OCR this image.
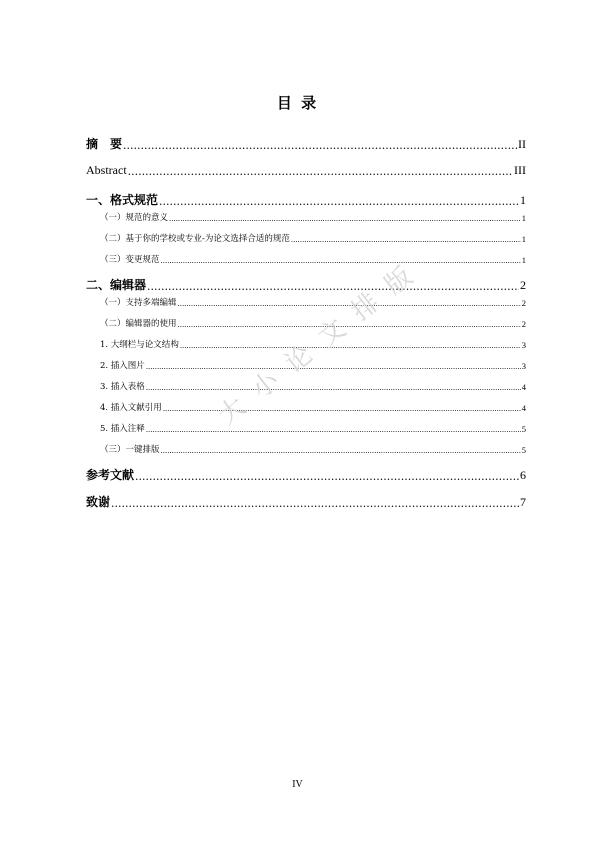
目 录
摘　要 .....	II
Abstract .....	III
一、格式规范 .....	1
（一）规范的意义 .....	1
（二）基于你的学校或专业-为论文选择合适的规范 .....	1
（三）变更规范 .....	1
二、编辑器 .....	2
（一）支持多端编辑 .....	2
（二）编辑器的使用 .....	2
1. 大纲栏与论文结构 .....	3
2. 插入图片 .....	3
3. 插入表格 .....	4
4. 插入文献引用 .....	4
5. 插入注释 .....	5
（三）一键排版 .....	5
参考文献 .....	6
致谢 .....	7
大 小 论 文 排 版
IV
